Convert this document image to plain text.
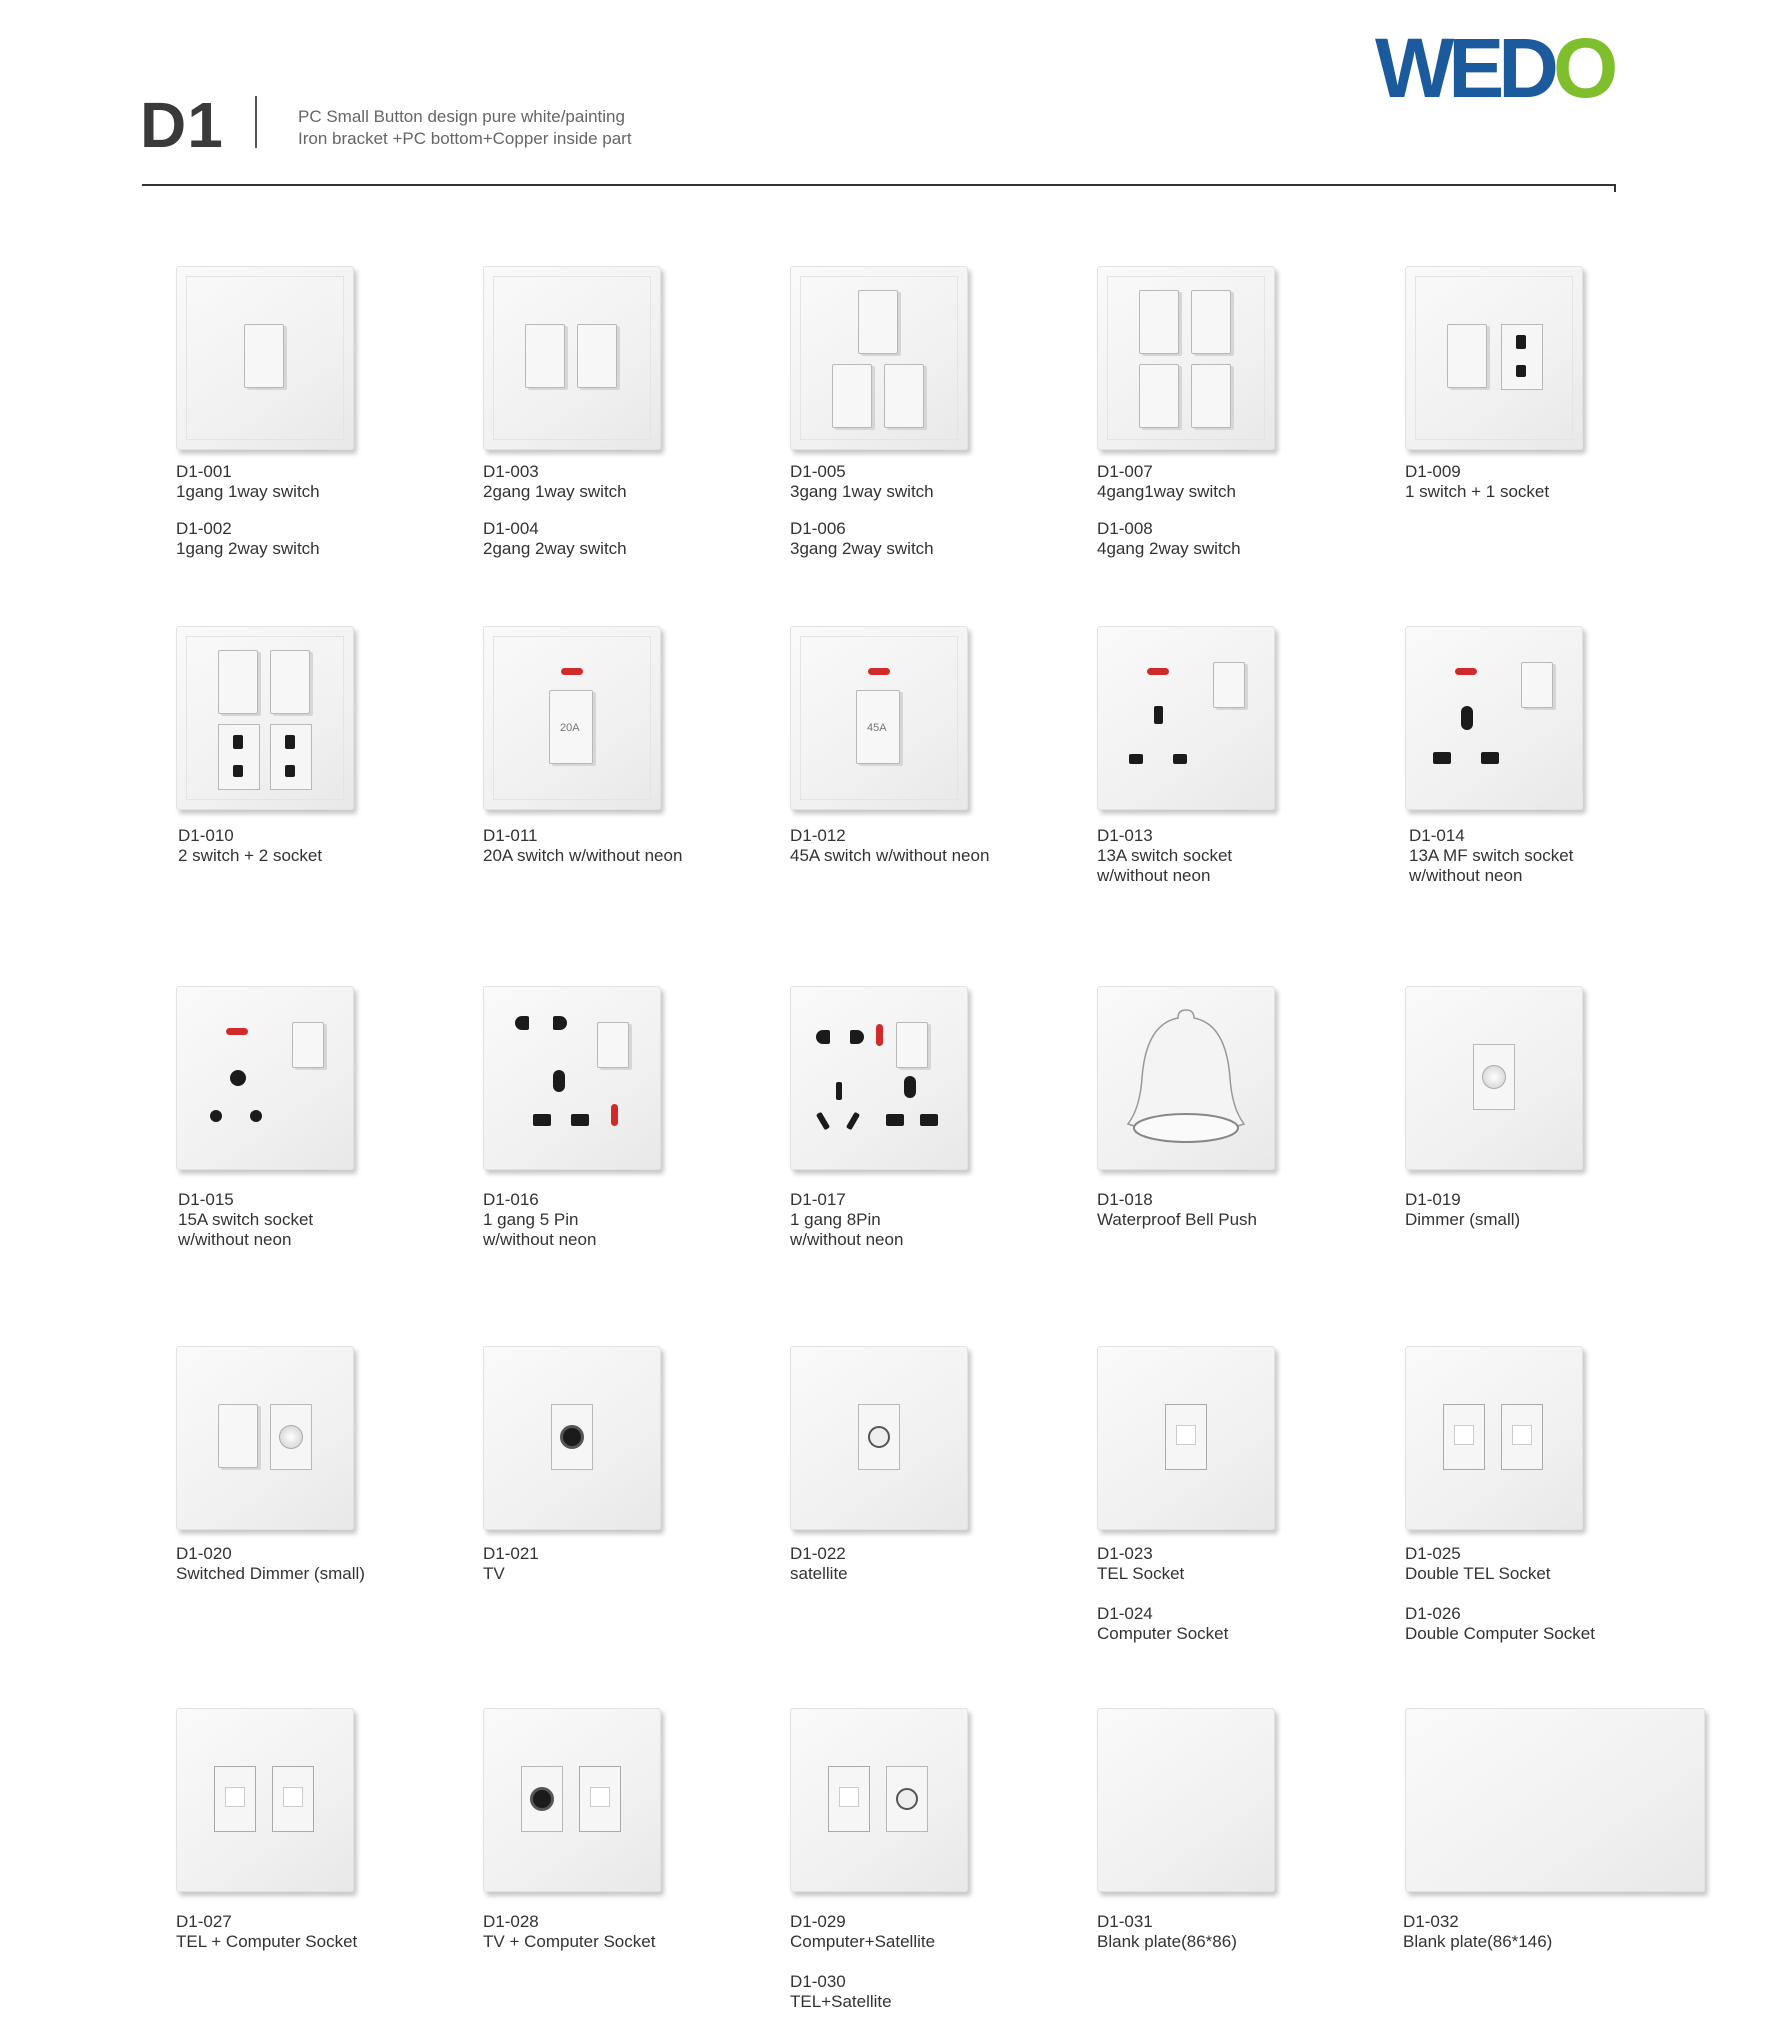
D1	PC Small Button design pure white/painting
Iron bracket +PC bottom+Copper inside part
WEDO
D1-001
1gang 1way switch
D1-002
1gang 2way switch
D1-003
2gang 1way switch
D1-004
2gang 2way switch
D1-005
3gang 1way switch
D1-006
3gang 2way switch
D1-007
4gang1way switch
D1-008
4gang 2way switch
D1-009
1 switch + 1 socket
D1-010
2 switch + 2 socket
20A
D1-011
20A switch w/without neon
45A
D1-012
45A switch w/without neon
D1-013
13A switch socket
w/without neon
D1-014
13A MF switch socket
w/without neon
D1-015
15A switch socket
w/without neon
D1-016
1 gang 5 Pin
w/without neon
D1-017
1 gang 8Pin
w/without neon
D1-018
Waterproof Bell Push
D1-019
Dimmer (small)
D1-020
Switched Dimmer (small)
D1-021
TV
D1-022
satellite
D1-023
TEL Socket
D1-024
Computer Socket
D1-025
Double TEL Socket
D1-026
Double Computer Socket
D1-027
TEL + Computer Socket
D1-028
TV + Computer Socket
D1-029
Computer+Satellite
D1-030
TEL+Satellite
D1-031
Blank plate(86*86)
D1-032
Blank plate(86*146)
